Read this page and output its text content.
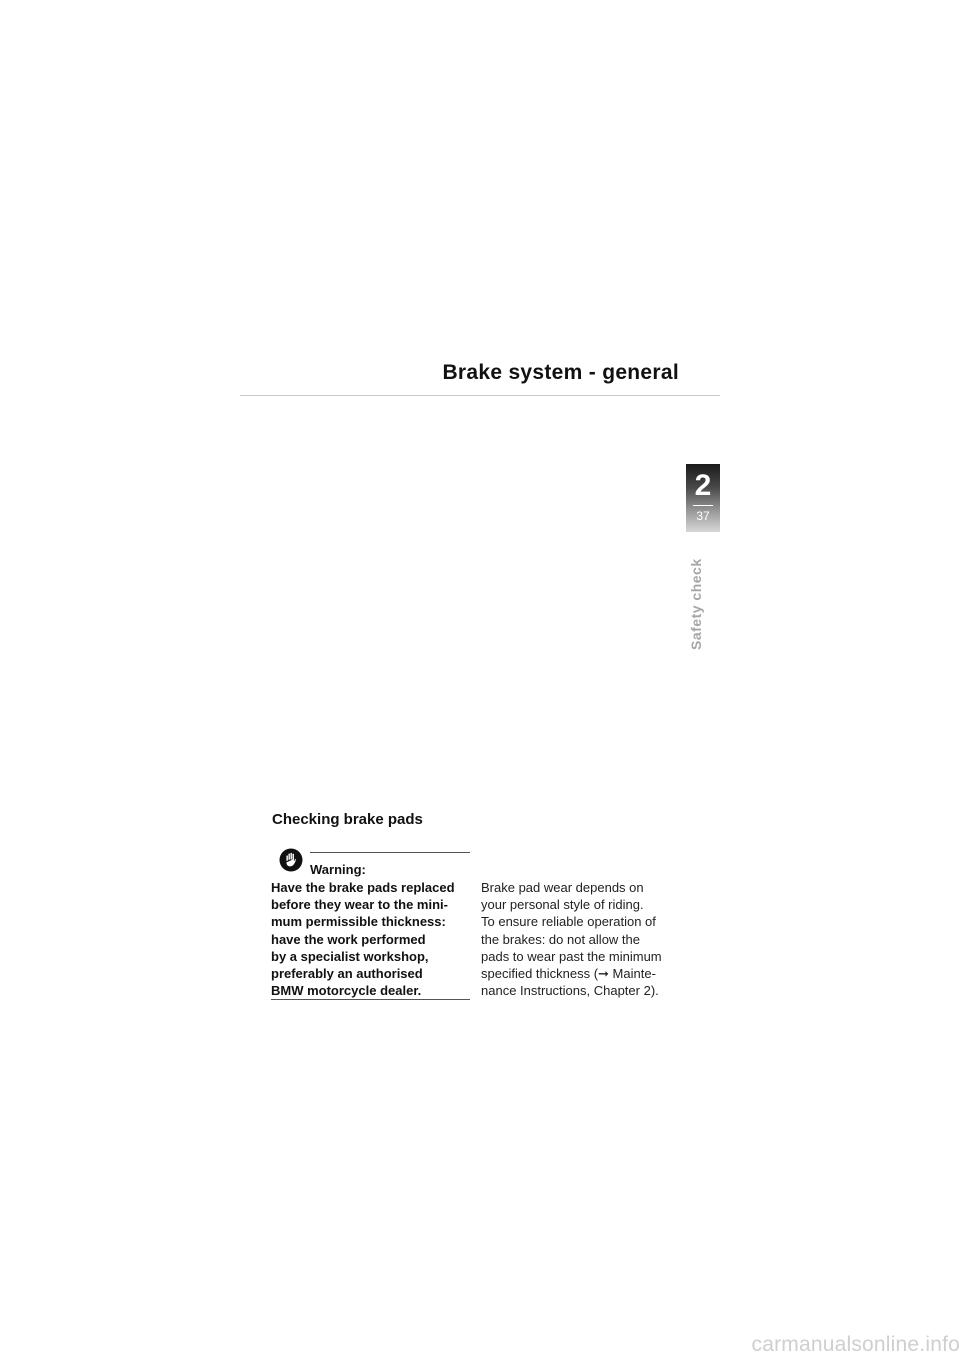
Brake system - general
2
37
Safety check
Checking brake pads
Warning:
Have the brake pads replaced
before they wear to the mini-
mum permissible thickness:
have the work performed
by a specialist workshop,
preferably an authorised
BMW motorcycle dealer.
Brake pad wear depends on
your personal style of riding.
To ensure reliable operation of
the brakes: do not allow the
pads to wear past the minimum
specified thickness (➞ Mainte-
nance Instructions, Chapter 2).
carmanualsonline.info
